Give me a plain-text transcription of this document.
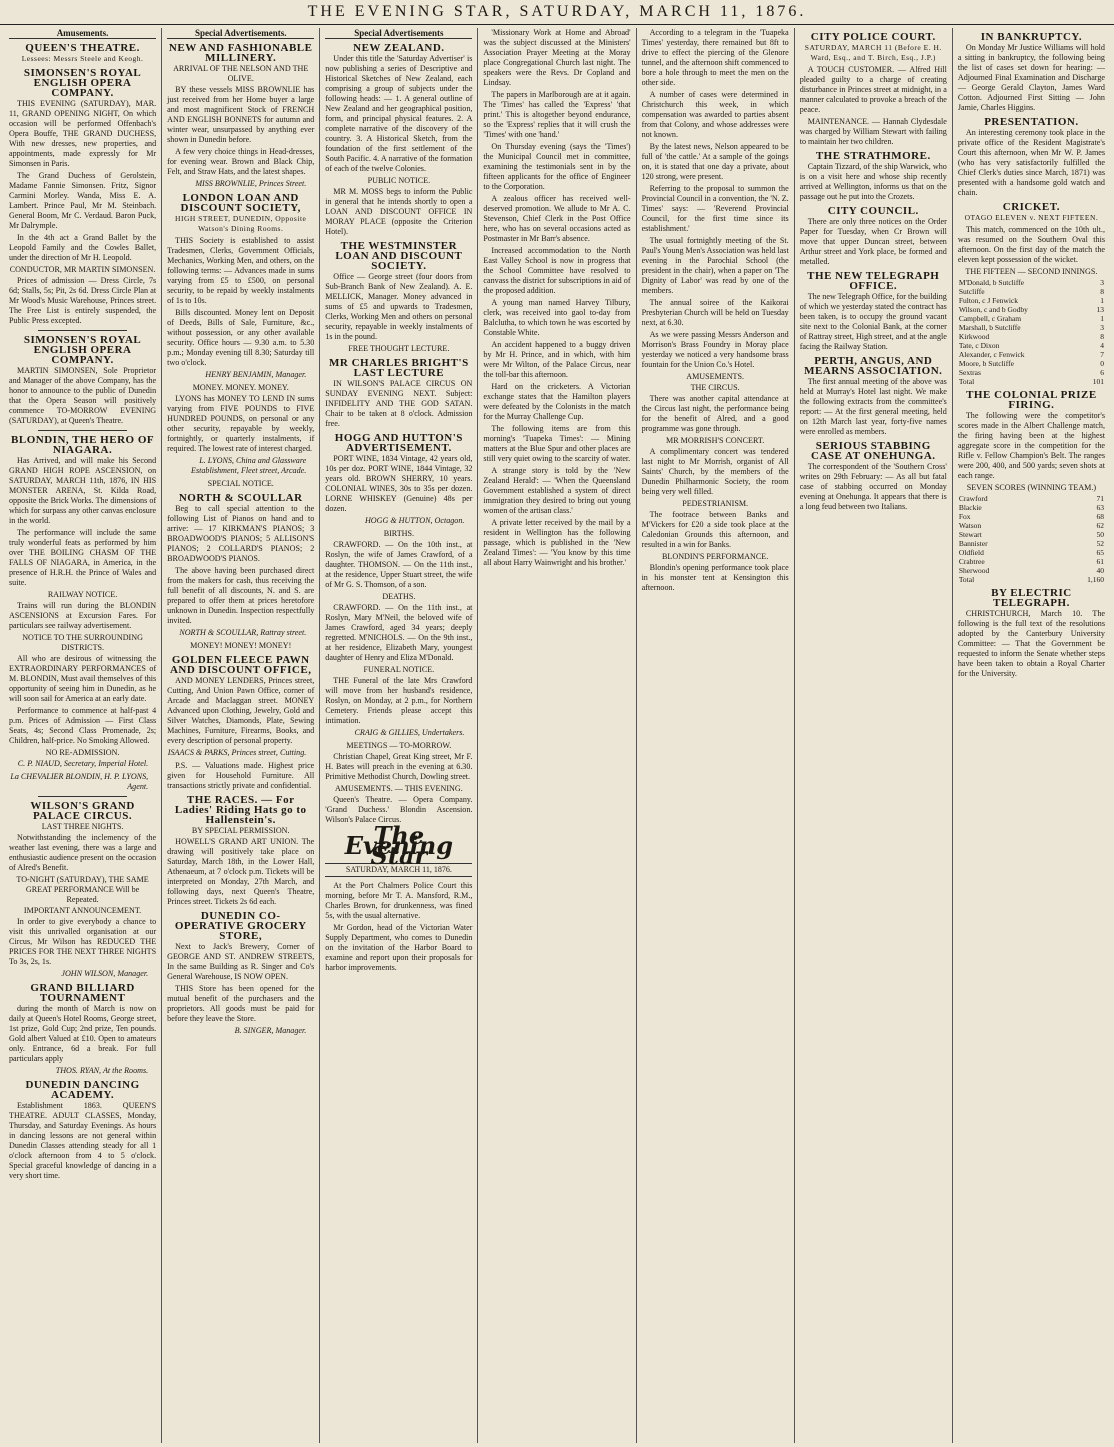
THE EVENING STAR, SATURDAY, MARCH 11, 1876.
Amusements.
QUEEN'S THEATRE.
Lessees: Messrs Steele and Keogh.
SIMONSEN'S ROYAL ENGLISH OPERA COMPANY.
THIS EVENING (SATURDAY), MAR. 11, GRAND OPENING NIGHT, On which occasion will be performed Offenbach's Opera Bouffe, THE GRAND DUCHESS, With new dresses, new properties, and appointments, made expressly for Mr Simonsen in Paris.
The Grand Duchess of Gerolstein, Madame Fannie Simonsen. Fritz, Signor Carmini Morley. Wanda, Miss E. A. Lambert. Prince Paul, Mr M. Steinbach. General Boom, Mr C. Verdaud. Baron Puck, Mr Dalrymple.
In the 4th act a Grand Ballet by the Leopold Family and the Cowles Ballet, under the direction of Mr H. Leopold.
CONDUCTOR, MR MARTIN SIMONSEN.
Prices of admission — Dress Circle, 7s 6d; Stalls, 5s; Pit, 2s 6d. Dress Circle Plan at Mr Wood's Music Warehouse, Princes street. The Free List is entirely suspended, the Public Press excepted.
SIMONSEN'S ROYAL ENGLISH OPERA COMPANY.
MARTIN SIMONSEN, Sole Proprietor and Manager of the above Company, has the honor to announce to the public of Dunedin that the Opera Season will positively commence TO-MORROW EVENING (SATURDAY), at Queen's Theatre.
BLONDIN, THE HERO OF NIAGARA.
Has Arrived, and will make his Second GRAND HIGH ROPE ASCENSION, on SATURDAY, MARCH 11th, 1876, IN HIS MONSTER ARENA, St. Kilda Road, opposite the Brick Works. The dimensions of which for surpass any other canvas enclosure in the world.
The performance will include the same truly wonderful feats as performed by him over THE BOILING CHASM OF THE FALLS OF NIAGARA, in America, in the presence of H.R.H. the Prince of Wales and suite.
RAILWAY NOTICE.
Trains will run during the BLONDIN ASCENSIONS at Excursion Fares. For particulars see railway advertisement.
NOTICE TO THE SURROUNDING DISTRICTS.
All who are desirous of witnessing the EXTRAORDINARY PERFORMANCES of M. BLONDIN, Must avail themselves of this opportunity of seeing him in Dunedin, as he will soon sail for America at an early date.
Performance to commence at half-past 4 p.m. Prices of Admission — First Class Seats, 4s; Second Class Promenade, 2s; Children, half-price. No Smoking Allowed.
NO RE-ADMISSION.
C. P. NIAUD, Secretary, Imperial Hotel.
La CHEVALIER BLONDIN, H. P. LYONS, Agent.
WILSON'S GRAND PALACE CIRCUS.
LAST THREE NIGHTS.
Notwithstanding the inclemency of the weather last evening, there was a large and enthusiastic audience present on the occasion of Alred's Benefit.
TO-NIGHT (SATURDAY), THE SAME GREAT PERFORMANCE Will be Repeated.
IMPORTANT ANNOUNCEMENT.
In order to give everybody a chance to visit this unrivalled organisation at our Circus, Mr Wilson has REDUCED THE PRICES FOR THE NEXT THREE NIGHTS To 3s, 2s, 1s.
JOHN WILSON, Manager.
GRAND BILLIARD TOURNAMENT
during the month of March is now on daily at Queen's Hotel Rooms, George street, 1st prize, Gold Cup; 2nd prize, Ten pounds. Gold albert Valued at £10. Open to amateurs only. Entrance, 6d a break. For full particulars apply
THOS. RYAN, At the Rooms.
DUNEDIN DANCING ACADEMY.
Establishment 1863. QUEEN'S THEATRE. ADULT CLASSES, Monday, Thursday, and Saturday Evenings. As hours in dancing lessons are not general within Dunedin Classes attending steady for all 1 o'clock afternoon from 4 to 5 o'clock. Special graceful knowledge of dancing in a very short time.
Special Advertisements.
NEW AND FASHIONABLE MILLINERY.
ARRIVAL OF THE NELSON AND THE OLIVE.
BY these vessels MISS BROWNLIE has just received from her Home buyer a large and most magnificent Stock of FRENCH AND ENGLISH BONNETS for autumn and winter wear, unsurpassed by anything ever shown in Dunedin before.
A few very choice things in Head-dresses, for evening wear. Brown and Black Chip, Felt, and Straw Hats, and the latest shapes.
MISS BROWNLIE, Princes Street.
LONDON LOAN AND DISCOUNT SOCIETY,
HIGH STREET, DUNEDIN, Opposite Watson's Dining Rooms.
THIS Society is established to assist Tradesmen, Clerks, Government Officials, Mechanics, Working Men, and others, on the following terms: — Advances made in sums varying from £5 to £500, on personal security, to be repaid by weekly instalments of 1s to 10s.
Bills discounted. Money lent on Deposit of Deeds, Bills of Sale, Furniture, &c., without possession, or any other available security. Office hours — 9.30 a.m. to 5.30 p.m.; Monday evening till 8.30; Saturday till two o'clock.
HENRY BENJAMIN, Manager.
MONEY. MONEY. MONEY.
LYONS has MONEY TO LEND IN sums varying from FIVE POUNDS to FIVE HUNDRED POUNDS, on personal or any other security, repayable by weekly, fortnightly, or quarterly instalments, if required. The lowest rate of interest charged.
L. LYONS, China and Glassware Establishment, Fleet street, Arcade.
SPECIAL NOTICE.
NORTH & SCOULLAR
Beg to call special attention to the following List of Pianos on hand and to arrive: — 17 KIRKMAN'S PIANOS; 3 BROADWOOD'S PIANOS; 5 ALLISON'S PIANOS; 2 COLLARD'S PIANOS; 2 BROADWOOD'S PIANOS.
The above having been purchased direct from the makers for cash, thus receiving the full benefit of all discounts, N. and S. are prepared to offer them at prices heretofore unknown in Dunedin. Inspection respectfully invited.
NORTH & SCOULLAR, Rattray street.
MONEY! MONEY! MONEY!
GOLDEN FLEECE PAWN AND DISCOUNT OFFICE,
AND MONEY LENDERS, Princes street, Cutting, And Union Pawn Office, corner of Arcade and Maclaggan street. MONEY Advanced upon Clothing, Jewelry, Gold and Silver Watches, Diamonds, Plate, Sewing Machines, Furniture, Firearms, Books, and every description of personal property.
ISAACS & PARKS, Princes street, Cutting.
P.S. — Valuations made. Highest price given for Household Furniture. All transactions strictly private and confidential.
THE RACES. — For Ladies' Riding Hats go to Hallenstein's.
BY SPECIAL PERMISSION.
HOWELL'S GRAND ART UNION. The drawing will positively take place on Saturday, March 18th, in the Lower Hall, Athenaeum, at 7 o'clock p.m. Tickets will be interpreted on Monday, 27th March, and following days, next Queen's Theatre, Princes street. Tickets 2s 6d each.
DUNEDIN CO-OPERATIVE GROCERY STORE,
Next to Jack's Brewery, Corner of GEORGE AND ST. ANDREW STREETS, In the same Building as R. Singer and Co's General Warehouse, IS NOW OPEN.
THIS Store has been opened for the mutual benefit of the purchasers and the proprietors. All goods must be paid for before they leave the Store.
B. SINGER, Manager.
Special Advertisements
NEW ZEALAND.
Under this title the 'Saturday Advertiser' is now publishing a series of Descriptive and Historical Sketches of New Zealand, each comprising a group of subjects under the following heads: — 1. A general outline of New Zealand and her geographical position, form, and principal physical features. 2. A complete narrative of the discovery of the country. 3. A Historical Sketch, from the foundation of the first settlement of the South Pacific. 4. A narrative of the formation of each of the twelve Colonies.
PUBLIC NOTICE.
MR M. MOSS begs to inform the Public in general that he intends shortly to open a LOAN AND DISCOUNT OFFICE IN MORAY PLACE (opposite the Criterion Hotel).
THE WESTMINSTER LOAN AND DISCOUNT SOCIETY.
Office — George street (four doors from Sub-Branch Bank of New Zealand). A. E. MELLICK, Manager. Money advanced in sums of £5 and upwards to Tradesmen, Clerks, Working Men and others on personal security, repayable in weekly instalments of 1s in the pound.
FREE THOUGHT LECTURE.
MR CHARLES BRIGHT'S LAST LECTURE
IN WILSON'S PALACE CIRCUS ON SUNDAY EVENING NEXT. Subject: INFIDELITY AND THE GOD SATAN. Chair to be taken at 8 o'clock. Admission free.
HOGG AND HUTTON'S ADVERTISEMENT.
PORT WINE, 1834 Vintage, 42 years old, 10s per doz. PORT WINE, 1844 Vintage, 32 years old. BROWN SHERRY, 10 years. COLONIAL WINES, 30s to 35s per dozen. LORNE WHISKEY (Genuine) 48s per dozen.
HOGG & HUTTON, Octagon.
BIRTHS.
CRAWFORD. — On the 10th inst., at Roslyn, the wife of James Crawford, of a daughter. THOMSON. — On the 11th inst., at the residence, Upper Stuart street, the wife of Mr G. S. Thomson, of a son.
DEATHS.
CRAWFORD. — On the 11th inst., at Roslyn, Mary M'Neil, the beloved wife of James Crawford, aged 34 years; deeply regretted. M'NICHOLS. — On the 9th inst., at her residence, Elizabeth Mary, youngest daughter of Henry and Eliza M'Donald.
FUNERAL NOTICE.
THE Funeral of the late Mrs Crawford will move from her husband's residence, Roslyn, on Monday, at 2 p.m., for Northern Cemetery. Friends please accept this intimation.
CRAIG & GILLIES, Undertakers.
MEETINGS — TO-MORROW.
Christian Chapel, Great King street, Mr F. H. Bates will preach in the evening at 6.30. Primitive Methodist Church, Dowling street.
AMUSEMENTS. — THIS EVENING.
Queen's Theatre. — Opera Company. 'Grand Duchess.' Blondin Ascension. Wilson's Palace Circus.
The Evening Star
SATURDAY, MARCH 11, 1876.
At the Port Chalmers Police Court this morning, before Mr T. A. Mansford, R.M., Charles Brown, for drunkenness, was fined 5s, with the usual alternative.
Mr Gordon, head of the Victorian Water Supply Department, who comes to Dunedin on the invitation of the Harbor Board to examine and report upon their proposals for harbor improvements.
'Missionary Work at Home and Abroad' was the subject discussed at the Ministers' Association Prayer Meeting at the Moray place Congregational Church last night. The speakers were the Revs. Dr Copland and Lindsay.
The papers in Marlborough are at it again. The 'Times' has called the 'Express' 'that print.' This is altogether beyond endurance, so the 'Express' replies that it will crush the 'Times' with one 'hand.'
On Thursday evening (says the 'Times') the Municipal Council met in committee, examining the testimonials sent in by the fifteen applicants for the office of Engineer to the Corporation.
A zealous officer has received well-deserved promotion. We allude to Mr A. C. Stevenson, Chief Clerk in the Post Office here, who has on several occasions acted as Postmaster in Mr Barr's absence.
Increased accommodation to the North East Valley School is now in progress that the School Committee have resolved to canvass the district for subscriptions in aid of the proposed addition.
A young man named Harvey Tilbury, clerk, was received into gaol to-day from Balclutha, to which town he was escorted by Constable White.
An accident happened to a buggy driven by Mr H. Prince, and in which, with him were Mr Wilton, of the Palace Circus, near the toll-bar this afternoon.
Hard on the cricketers. A Victorian exchange states that the Hamilton players were defeated by the Colonists in the match for the Murray Challenge Cup.
The following items are from this morning's 'Tuapeka Times': — Mining matters at the Blue Spur and other places are still very quiet owing to the scarcity of water.
A strange story is told by the 'New Zealand Herald': — 'When the Queensland Government established a system of direct immigration they desired to bring out young women of the artisan class.'
A private letter received by the mail by a resident in Wellington has the following passage, which is published in the 'New Zealand Times': — 'You know by this time all about Harry Wainwright and his brother.'
According to a telegram in the 'Tuapeka Times' yesterday, there remained but 8ft to drive to effect the piercing of the Glenore tunnel, and the afternoon shift commenced to bore a hole through to meet the men on the other side.
A number of cases were determined in Christchurch this week, in which compensation was awarded to parties absent from that Colony, and whose addresses were not known.
By the latest news, Nelson appeared to be full of 'the cattle.' At a sample of the goings on, it is stated that one day a private, about 120 strong, were present.
Referring to the proposal to summon the Provincial Council in a convention, the 'N. Z. Times' says: — 'Reverend Provincial Council, for the first time since its establishment.'
The usual fortnightly meeting of the St. Paul's Young Men's Association was held last evening in the Parochial School (the president in the chair), when a paper on 'The Dignity of Labor' was read by one of the members.
The annual soiree of the Kaikorai Presbyterian Church will be held on Tuesday next, at 6.30.
As we were passing Messrs Anderson and Morrison's Brass Foundry in Moray place yesterday we noticed a very handsome brass fountain for the Union Co.'s Hotel.
AMUSEMENTS.
THE CIRCUS.
There was another capital attendance at the Circus last night, the performance being for the benefit of Alred, and a good programme was gone through.
MR MORRISH'S CONCERT.
A complimentary concert was tendered last night to Mr Morrish, organist of All Saints' Church, by the members of the Dunedin Philharmonic Society, the room being very well filled.
PEDESTRIANISM.
The footrace between Banks and M'Vickers for £20 a side took place at the Caledonian Grounds this afternoon, and resulted in a win for Banks.
BLONDIN'S PERFORMANCE.
Blondin's opening performance took place in his monster tent at Kensington this afternoon.
CITY POLICE COURT.
SATURDAY, MARCH 11 (Before E. H. Ward, Esq., and T. Birch, Esq., J.P.)
A TOUCH CUSTOMER. — Alfred Hill pleaded guilty to a charge of creating disturbance in Princes street at midnight, in a manner calculated to provoke a breach of the peace.
MAINTENANCE. — Hannah Clydesdale was charged by William Stewart with failing to maintain her two children.
THE STRATHMORE.
Captain Tizzard, of the ship Warwick, who is on a visit here and whose ship recently arrived at Wellington, informs us that on the passage out he put into the Crozets.
CITY COUNCIL.
There are only three notices on the Order Paper for Tuesday, when Cr Brown will move that upper Duncan street, between Arthur street and York place, be formed and metalled.
THE NEW TELEGRAPH OFFICE.
The new Telegraph Office, for the building of which we yesterday stated the contract has been taken, is to occupy the ground vacant site next to the Colonial Bank, at the corner of Rattray street, High street, and at the angle facing the Railway Station.
PERTH, ANGUS, AND MEARNS ASSOCIATION.
The first annual meeting of the above was held at Murray's Hotel last night. We make the following extracts from the committee's report: — At the first general meeting, held on 12th March last year, forty-five names were enrolled as members.
SERIOUS STABBING CASE AT ONEHUNGA.
The correspondent of the 'Southern Cross' writes on 29th February: — As all but fatal case of stabbing occurred on Monday evening at Onehunga. It appears that there is a long feud between two Italians.
IN BANKRUPTCY.
On Monday Mr Justice Williams will hold a sitting in bankruptcy, the following being the list of cases set down for hearing: — Adjourned Final Examination and Discharge — George Gerald Clayton, James Ward Cotton. Adjourned First Sitting — John Jamie, Charles Higgins.
PRESENTATION.
An interesting ceremony took place in the private office of the Resident Magistrate's Court this afternoon, when Mr W. P. James (who has very satisfactorily fulfilled the Chief Clerk's duties since March, 1871) was presented with a handsome gold watch and chain.
CRICKET.
OTAGO ELEVEN v. NEXT FIFTEEN.
This match, commenced on the 10th ult., was resumed on the Southern Oval this afternoon. On the first day of the match the eleven kept possession of the wicket.
THE FIFTEEN — SECOND INNINGS.
M'Donald, b Sutcliffe	3
Sutcliffe	8
Fulton, c J Fenwick	1
Wilson, c and b Godby	13
Campbell, c Graham	1
Marshall, b Sutcliffe	3
Kirkwood	8
Tate, c Dixon	4
Alexander, c Fenwick	7
Moore, b Sutcliffe	0
Sextras	6
Total	101
THE COLONIAL PRIZE FIRING.
The following were the competitor's scores made in the Albert Challenge match, the firing having been at the highest aggregate score in the competition for the Rifle v. Fellow Champion's Belt. The ranges were 200, 400, and 500 yards; seven shots at each range.
SEVEN SCORES (WINNING TEAM.)
Crawford	71
Blackie	63
Fox	68
Watson	62
Stewart	50
Bannister	52
Oldfield	65
Crabtree	61
Sherwood	40
Total	1,160
BY ELECTRIC TELEGRAPH.
CHRISTCHURCH, March 10. The following is the full text of the resolutions adopted by the Canterbury University Committee: — That the Government be requested to inform the Senate whether steps have been taken to obtain a Royal Charter for the University.
